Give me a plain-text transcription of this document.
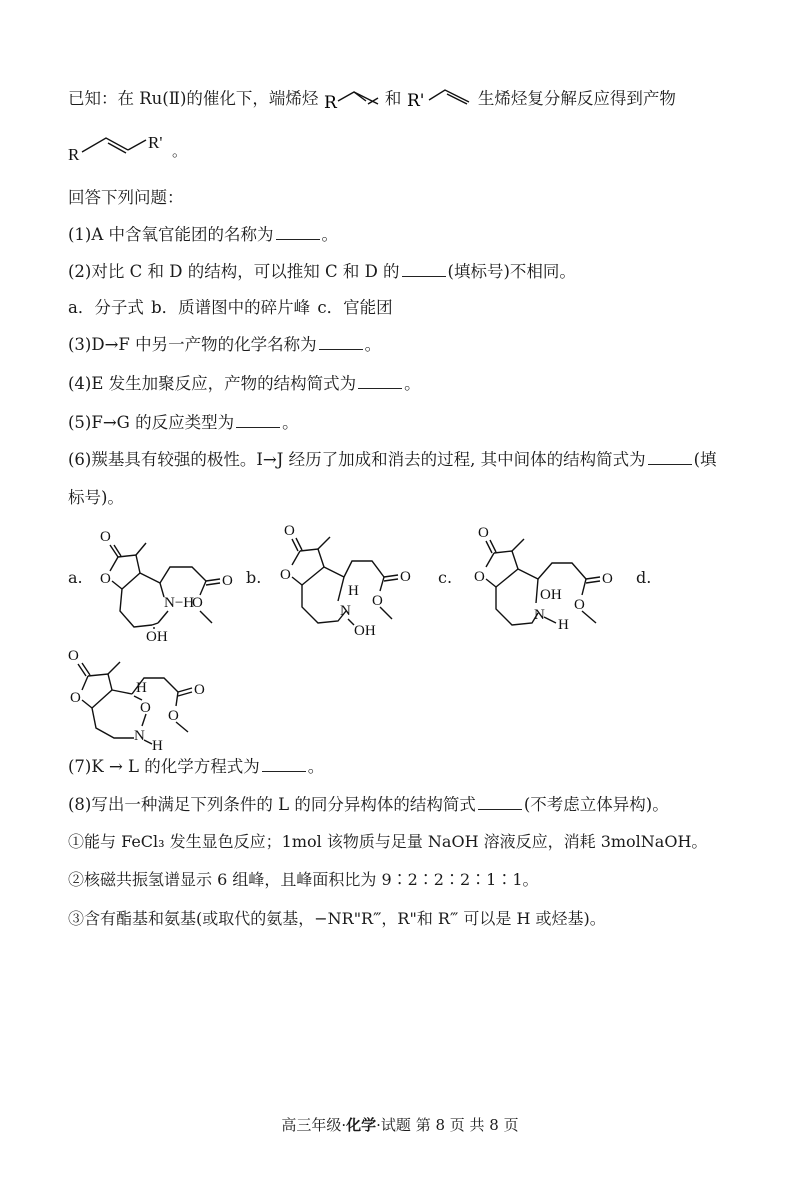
已知：在 Ru(Ⅱ)的催化下，端烯烃 R	和 R'	生烯烃复分解反应得到产物
R
R' 。
回答下列问题：
(1)A 中含氧官能团的名称为	。
(2)对比 C 和 D 的结构，可以推知 C 和 D 的	(填标号)不相同。
a．分子式 b．质谱图中的碎片峰 c．官能团
(3)D→F 中另一产物的化学名称为	。
(4)E 发生加聚反应，产物的结构简式为	。
(5)F→G 的反应类型为	。
(6)羰基具有较强的极性。I→J 经历了加成和消去的过程, 其中间体的结构简式为	(填
标号)。
a.
O
O
N−H
OH
O
O
b.
O
O
H
N
OH
O
O
c.
O
O
OH
N
H
O
O
d.
O
O
H
O
N
H
O
O
(7)K → L 的化学方程式为	。
(8)写出一种满足下列条件的 L 的同分异构体的结构简式	(不考虑立体异构)。
①能与 FeCl₃ 发生显色反应；1mol 该物质与足量 NaOH 溶液反应，消耗 3molNaOH。
②核磁共振氢谱显示 6 组峰，且峰面积比为 9∶2∶2∶2∶1∶1。
③含有酯基和氨基(或取代的氨基，−NR"R‴，R"和 R‴ 可以是 H 或烃基)。
高三年级·化学·试题 第 8 页 共 8 页
